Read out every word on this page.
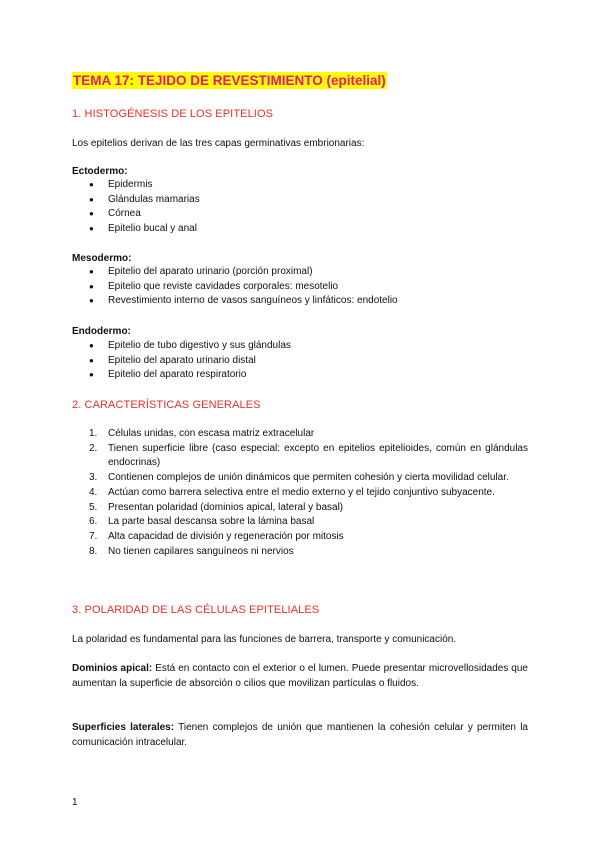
TEMA 17: TEJIDO DE REVESTIMIENTO (epitelial)
1. HISTOGÉNESIS DE LOS EPITELIOS

Los epitelios derivan de las tres capas germinativas embrionarias:

Ectodermo:

● Epidermis
● Glándulas mamarias
● Córnea
● Epitelio bucal y anal

Mesodermo:

● Epitelio del aparato urinario (porción proximal)
● Epitelio que reviste cavidades corporales: mesotelio
● Revestimiento interno de vasos sanguíneos y linfáticos: endotelio

Endodermo:

● Epitelio de tubo digestivo y sus glándulas
● Epitelio del aparato urinario distal
● Epitelio del aparato respiratorio
2. CARACTERÍSTICAS GENERALES
1. Células unidas, con escasa matriz extracelular
2. Tienen superficie libre (caso especial: excepto en epitelios epitelioides, común en glándulas endocrinas)
3. Contienen complejos de unión dinámicos que permiten cohesión y cierta movilidad celular.
4. Actúan como barrera selectiva entre el medio externo y el tejido conjuntivo subyacente.
5. Presentan polaridad (dominios apical, lateral y basal)
6. La parte basal descansa sobre la lámina basal
7. Alta capacidad de división y regeneración por mitosis
8. No tienen capilares sanguíneos ni nervios
3. POLARIDAD DE LAS CÉLULAS EPITELIALES

La polaridad es fundamental para las funciones de barrera, transporte y comunicación.

Dominios apical: Está en contacto con el exterior o el lumen. Puede presentar microvellosidades que aumentan la superficie de absorción o cilios que movilizan partículas o fluidos.

Superficies laterales: Tienen complejos de unión que mantienen la cohesión celular y permiten la comunicación intracelular.

1
